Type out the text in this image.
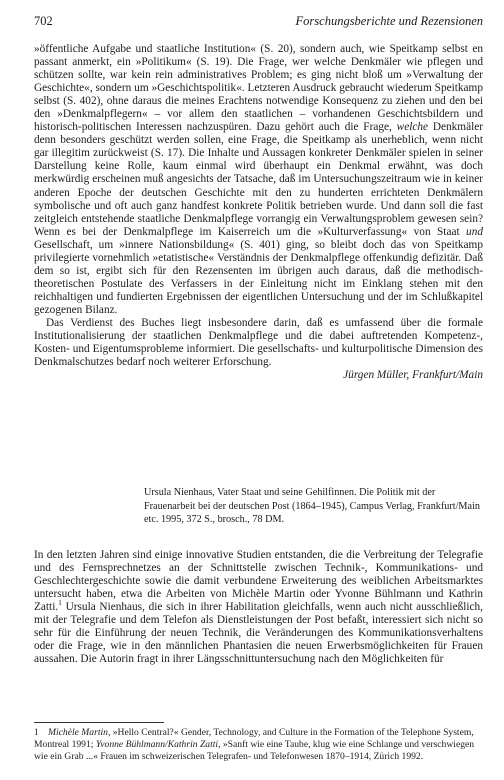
702	Forschungsberichte und Rezensionen

»öffentliche Aufgabe und staatliche Institution« (S. 20), sondern auch, wie Speitkamp selbst en passant anmerkt, ein »Politikum« (S. 19). Die Frage, wer welche Denkmäler wie pflegen und schützen sollte, war kein rein administratives Problem; es ging nicht bloß um »Verwaltung der Geschichte«, sondern um »Geschichtspolitik«. Letzteren Ausdruck gebraucht wiederum Speitkamp selbst (S. 402), ohne daraus die meines Erachtens notwendige Konsequenz zu ziehen und den bei den »Denkmalpflegern« – vor allem den staatlichen – vorhandenen Geschichtsbildern und historisch-politischen Interessen nachzuspüren. Dazu gehört auch die Frage, welche Denkmäler denn besonders geschützt werden sollen, eine Frage, die Speitkamp als unerheblich, wenn nicht gar illegitim zurückweist (S. 17). Die Inhalte und Aussagen konkreter Denkmäler spielen in seiner Darstellung keine Rolle, kaum einmal wird überhaupt ein Denkmal erwähnt, was doch merkwürdig erscheinen muß angesichts der Tatsache, daß im Untersuchungszeitraum wie in keiner anderen Epoche der deutschen Geschichte mit den zu hunderten errichteten Denkmälern symbolische und oft auch ganz handfest konkrete Politik betrieben wurde. Und dann soll die fast zeitgleich entstehende staatliche Denkmalpflege vorrangig ein Verwaltungsproblem gewesen sein? Wenn es bei der Denkmalpflege im Kaiserreich um die »Kulturverfassung« von Staat und Gesellschaft, um »innere Nationsbildung« (S. 401) ging, so bleibt doch das von Speitkamp privilegierte vornehmlich »etatistische« Verständnis der Denkmalpflege offenkundig defizitär. Daß dem so ist, ergibt sich für den Rezensenten im übrigen auch daraus, daß die methodisch-theoretischen Postulate des Verfassers in der Einleitung nicht im Einklang stehen mit den reichhaltigen und fundierten Ergebnissen der eigentlichen Untersuchung und der im Schlußkapitel gezogenen Bilanz.

Das Verdienst des Buches liegt insbesondere darin, daß es umfassend über die formale Institutionalisierung der staatlichen Denkmalpflege und die dabei auftretenden Kompetenz-, Kosten- und Eigentumsprobleme informiert. Die gesellschafts- und kulturpolitische Dimension des Denkmalschutzes bedarf noch weiterer Erforschung.

Jürgen Müller, Frankfurt/Main
Ursula Nienhaus, Vater Staat und seine Gehilfinnen. Die Politik mit der Frauenarbeit bei der deutschen Post (1864–1945), Campus Verlag, Frankfurt/Main etc. 1995, 372 S., brosch., 78 DM.

In den letzten Jahren sind einige innovative Studien entstanden, die die Verbreitung der Telegrafie und des Fernsprechnetzes an der Schnittstelle zwischen Technik-, Kommunikations- und Geschlechtergeschichte sowie die damit verbundene Erweiterung des weiblichen Arbeitsmarktes untersucht haben, etwa die Arbeiten von Michèle Martin oder Yvonne Bühlmann und Kathrin Zatti.$^1$ Ursula Nienhaus, die sich in ihrer Habilitation gleichfalls, wenn auch nicht ausschließlich, mit der Telegrafie und dem Telefon als Dienstleistungen der Post befaßt, interessiert sich nicht so sehr für die Einführung der neuen Technik, die Veränderungen des Kommunikationsverhaltens oder die Frage, wie in den männlichen Phantasien die neuen Erwerbsmöglichkeiten für Frauen aussahen. Die Autorin fragt in ihrer Längsschnittuntersuchung nach den Möglichkeiten für

1 Michèle Martin, »Hello Central?« Gender, Technology, and Culture in the Formation of the Telephone System, Montreal 1991; Yvonne Bühlmann/Kathrin Zatti, »Sanft wie eine Taube, klug wie eine Schlange und verschwiegen wie ein Grab ...« Frauen im schweizerischen Telegrafen- und Telefonwesen 1870–1914, Zürich 1992.
